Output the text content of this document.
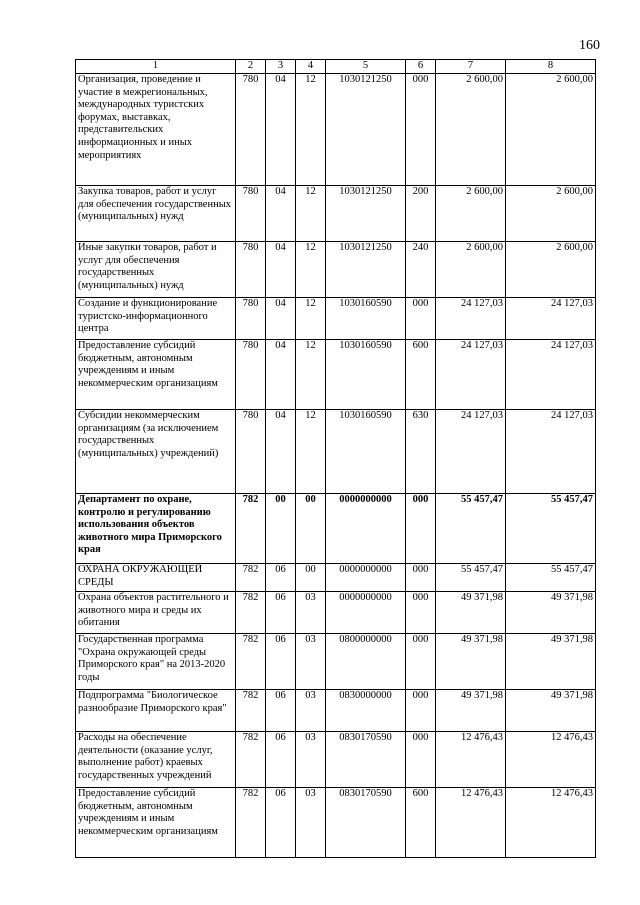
160
1	2	3	4	5	6	7	8
Организация, проведение и участие в межрегиональных, международных туристских форумах, выставках, представительских информационных и иных мероприятиях	780	04	12	1030121250	000	2 600,00	2 600,00
Закупка товаров, работ и услуг для обеспечения государственных (муниципальных) нужд	780	04	12	1030121250	200	2 600,00	2 600,00
Иные закупки товаров, работ и услуг для обеспечения государственных (муниципальных) нужд	780	04	12	1030121250	240	2 600,00	2 600,00
Создание и функционирование туристско-информационного центра	780	04	12	1030160590	000	24 127,03	24 127,03
Предоставление субсидий бюджетным, автономным учреждениям и иным некоммерческим организациям	780	04	12	1030160590	600	24 127,03	24 127,03
Субсидии некоммерческим организациям (за исключением государственных (муниципальных) учреждений)	780	04	12	1030160590	630	24 127,03	24 127,03
Департамент по охране, контролю и регулированию использования объектов животного мира Приморского края	782	00	00	0000000000	000	55 457,47	55 457,47
ОХРАНА ОКРУЖАЮЩЕЙ СРЕДЫ	782	06	00	0000000000	000	55 457,47	55 457,47
Охрана объектов растительного и животного мира и среды их обитания	782	06	03	0000000000	000	49 371,98	49 371,98
Государственная программа "Охрана окружающей среды Приморского края" на 2013-2020 годы	782	06	03	0800000000	000	49 371,98	49 371,98
Подпрограмма "Биологическое разнообразие Приморского края"	782	06	03	0830000000	000	49 371,98	49 371,98
Расходы на обеспечение деятельности (оказание услуг, выполнение работ) краевых государственных учреждений	782	06	03	0830170590	000	12 476,43	12 476,43
Предоставление субсидий бюджетным, автономным учреждениям и иным некоммерческим организациям	782	06	03	0830170590	600	12 476,43	12 476,43
